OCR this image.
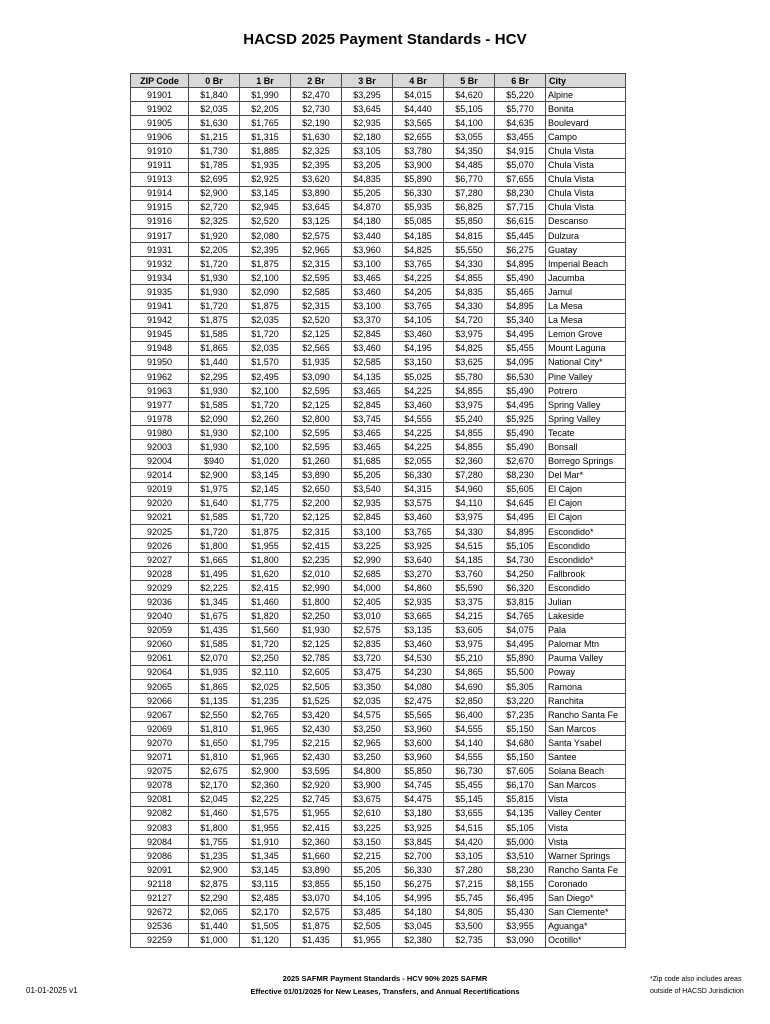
HACSD 2025 Payment Standards - HCV
ZIP Code	0 Br	1 Br	2 Br	3 Br	4 Br	5 Br	6 Br	City
91901	$1,840	$1,990	$2,470	$3,295	$4,015	$4,620	$5,220	Alpine
91902	$2,035	$2,205	$2,730	$3,645	$4,440	$5,105	$5,770	Bonita
91905	$1,630	$1,765	$2,190	$2,935	$3,565	$4,100	$4,635	Boulevard
91906	$1,215	$1,315	$1,630	$2,180	$2,655	$3,055	$3,455	Campo
91910	$1,730	$1,885	$2,325	$3,105	$3,780	$4,350	$4,915	Chula Vista
91911	$1,785	$1,935	$2,395	$3,205	$3,900	$4,485	$5,070	Chula Vista
91913	$2,695	$2,925	$3,620	$4,835	$5,890	$6,770	$7,655	Chula Vista
91914	$2,900	$3,145	$3,890	$5,205	$6,330	$7,280	$8,230	Chula Vista
91915	$2,720	$2,945	$3,645	$4,870	$5,935	$6,825	$7,715	Chula Vista
91916	$2,325	$2,520	$3,125	$4,180	$5,085	$5,850	$6,615	Descanso
91917	$1,920	$2,080	$2,575	$3,440	$4,185	$4,815	$5,445	Dulzura
91931	$2,205	$2,395	$2,965	$3,960	$4,825	$5,550	$6,275	Guatay
91932	$1,720	$1,875	$2,315	$3,100	$3,765	$4,330	$4,895	Imperial Beach
91934	$1,930	$2,100	$2,595	$3,465	$4,225	$4,855	$5,490	Jacumba
91935	$1,930	$2,090	$2,585	$3,460	$4,205	$4,835	$5,465	Jamul
91941	$1,720	$1,875	$2,315	$3,100	$3,765	$4,330	$4,895	La Mesa
91942	$1,875	$2,035	$2,520	$3,370	$4,105	$4,720	$5,340	La Mesa
91945	$1,585	$1,720	$2,125	$2,845	$3,460	$3,975	$4,495	Lemon Grove
91948	$1,865	$2,035	$2,565	$3,460	$4,195	$4,825	$5,455	Mount Laguna
91950	$1,440	$1,570	$1,935	$2,585	$3,150	$3,625	$4,095	National City*
91962	$2,295	$2,495	$3,090	$4,135	$5,025	$5,780	$6,530	Pine Valley
91963	$1,930	$2,100	$2,595	$3,465	$4,225	$4,855	$5,490	Potrero
91977	$1,585	$1,720	$2,125	$2,845	$3,460	$3,975	$4,495	Spring Valley
91978	$2,090	$2,260	$2,800	$3,745	$4,555	$5,240	$5,925	Spring Valley
91980	$1,930	$2,100	$2,595	$3,465	$4,225	$4,855	$5,490	Tecate
92003	$1,930	$2,100	$2,595	$3,465	$4,225	$4,855	$5,490	Bonsall
92004	$940	$1,020	$1,260	$1,685	$2,055	$2,360	$2,670	Borrego Springs
92014	$2,900	$3,145	$3,890	$5,205	$6,330	$7,280	$8,230	Del Mar*
92019	$1,975	$2,145	$2,650	$3,540	$4,315	$4,960	$5,605	El Cajon
92020	$1,640	$1,775	$2,200	$2,935	$3,575	$4,110	$4,645	El Cajon
92021	$1,585	$1,720	$2,125	$2,845	$3,460	$3,975	$4,495	El Cajon
92025	$1,720	$1,875	$2,315	$3,100	$3,765	$4,330	$4,895	Escondido*
92026	$1,800	$1,955	$2,415	$3,225	$3,925	$4,515	$5,105	Escondido
92027	$1,665	$1,800	$2,235	$2,990	$3,640	$4,185	$4,730	Escondido*
92028	$1,495	$1,620	$2,010	$2,685	$3,270	$3,760	$4,250	Fallbrook
92029	$2,225	$2,415	$2,990	$4,000	$4,860	$5,590	$6,320	Escondido
92036	$1,345	$1,460	$1,800	$2,405	$2,935	$3,375	$3,815	Julian
92040	$1,675	$1,820	$2,250	$3,010	$3,665	$4,215	$4,765	Lakeside
92059	$1,435	$1,560	$1,930	$2,575	$3,135	$3,605	$4,075	Pala
92060	$1,585	$1,720	$2,125	$2,835	$3,460	$3,975	$4,495	Palomar Mtn
92061	$2,070	$2,250	$2,785	$3,720	$4,530	$5,210	$5,890	Pauma Valley
92064	$1,935	$2,110	$2,605	$3,475	$4,230	$4,865	$5,500	Poway
92065	$1,865	$2,025	$2,505	$3,350	$4,080	$4,690	$5,305	Ramona
92066	$1,135	$1,235	$1,525	$2,035	$2,475	$2,850	$3,220	Ranchita
92067	$2,550	$2,765	$3,420	$4,575	$5,565	$6,400	$7,235	Rancho Santa Fe
92069	$1,810	$1,965	$2,430	$3,250	$3,960	$4,555	$5,150	San Marcos
92070	$1,650	$1,795	$2,215	$2,965	$3,600	$4,140	$4,680	Santa Ysabel
92071	$1,810	$1,965	$2,430	$3,250	$3,960	$4,555	$5,150	Santee
92075	$2,675	$2,900	$3,595	$4,800	$5,850	$6,730	$7,605	Solana Beach
92078	$2,170	$2,360	$2,920	$3,900	$4,745	$5,455	$6,170	San Marcos
92081	$2,045	$2,225	$2,745	$3,675	$4,475	$5,145	$5,815	Vista
92082	$1,460	$1,575	$1,955	$2,610	$3,180	$3,655	$4,135	Valley Center
92083	$1,800	$1,955	$2,415	$3,225	$3,925	$4,515	$5,105	Vista
92084	$1,755	$1,910	$2,360	$3,150	$3,845	$4,420	$5,000	Vista
92086	$1,235	$1,345	$1,660	$2,215	$2,700	$3,105	$3,510	Warner Springs
92091	$2,900	$3,145	$3,890	$5,205	$6,330	$7,280	$8,230	Rancho Santa Fe
92118	$2,875	$3,115	$3,855	$5,150	$6,275	$7,215	$8,155	Coronado
92127	$2,290	$2,485	$3,070	$4,105	$4,995	$5,745	$6,495	San Diego*
92672	$2,065	$2,170	$2,575	$3,485	$4,180	$4,805	$5,430	San Clemente*
92536	$1,440	$1,505	$1,875	$2,505	$3,045	$3,500	$3,955	Aguanga*
92259	$1,000	$1,120	$1,435	$1,955	$2,380	$2,735	$3,090	Ocotillo*
01-01-2025 v1
2025 SAFMR Payment Standards - HCV 90% 2025 SAFMR
Effective 01/01/2025 for New Leases, Transfers, and Annual Recertifications
*Zip code also includes areas
outside of HACSD Jurisdiction
